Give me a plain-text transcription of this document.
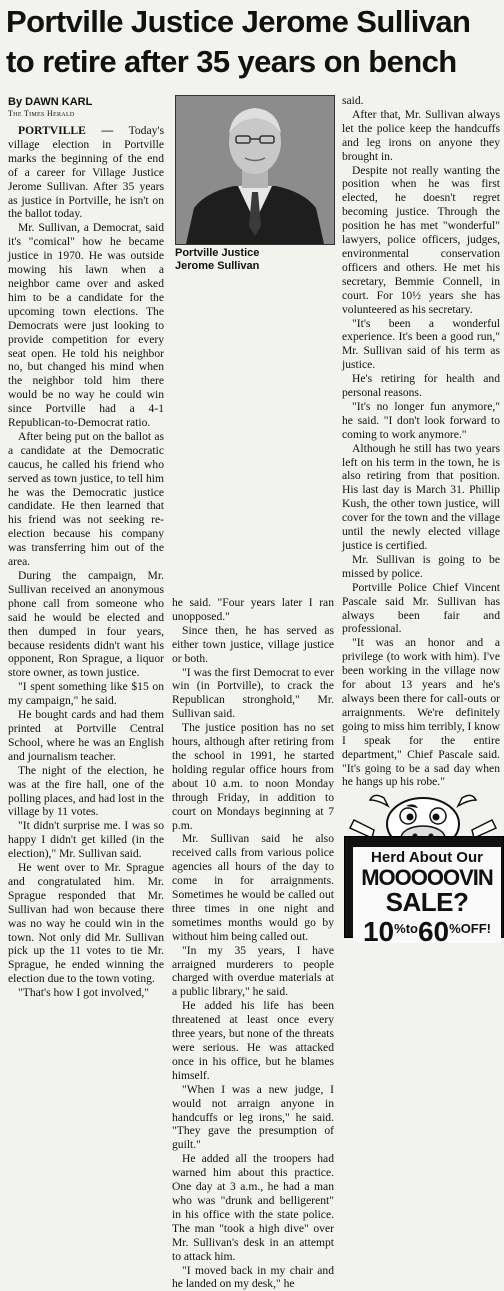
Portville Justice Jerome Sullivan to retire after 35 years on bench
By DAWN KARL
The Times Herald

PORTVILLE — Today's village election in Portville marks the beginning of the end of a career for Village Justice Jerome Sullivan. After 35 years as justice in Portville, he isn't on the ballot today.

Mr. Sullivan, a Democrat, said it's "comical" how he became justice in 1970. He was outside mowing his lawn when a neighbor came over and asked him to be a candidate for the upcoming town elections. The Democrats were just looking to provide competition for every seat open. He told his neighbor no, but changed his mind when the neighbor told him there would be no way he could win since Portville had a 4-1 Republican-to-Democrat ratio.

After being put on the ballot as a candidate at the Democratic caucus, he called his friend who served as town justice, to tell him he was the Democratic justice candidate. He then learned that his friend was not seeking re-election because his company was transferring him out of the area.

During the campaign, Mr. Sullivan received an anonymous phone call from someone who said he would be elected and then dumped in four years, because residents didn't want his opponent, Ron Sprague, a liquor store owner, as town justice.

"I spent something like $15 on my campaign," he said.

He bought cards and had them printed at Portville Central School, where he was an English and journalism teacher.

The night of the election, he was at the fire hall, one of the polling places, and had lost in the village by 11 votes.

"It didn't surprise me. I was so happy I didn't get killed (in the election)," Mr. Sullivan said.

He went over to Mr. Sprague and congratulated him. Mr. Sprague responded that Mr. Sullivan had won because there was no way he could win in the town. Not only did Mr. Sullivan pick up the 11 votes to tie Mr. Sprague, he ended winning the election due to the town voting.

"That's how I got involved,"

Portville Justice
Jerome Sullivan

he said. "Four years later I ran unopposed."

Since then, he has served as either town justice, village justice or both.

"I was the first Democrat to ever win (in Portville), to crack the Republican stronghold," Mr. Sullivan said.

The justice position has no set hours, although after retiring from the school in 1991, he started holding regular office hours from about 10 a.m. to noon Monday through Friday, in addition to court on Mondays beginning at 7 p.m.

Mr. Sullivan said he also received calls from various police agencies all hours of the day to come in for arraignments. Sometimes he would be called out three times in one night and sometimes months would go by without him being called out.

"In my 35 years, I have arraigned murderers to people charged with overdue materials at a public library," he said.

He added his life has been threatened at least once every three years, but none of the threats were serious. He was attacked once in his office, but he blames himself.

"When I was a new judge, I would not arraign anyone in handcuffs or leg irons," he said. "They gave the presumption of guilt."

He added all the troopers had warned him about this practice. One day at 3 a.m., he had a man who was "drunk and belligerent" in his office with the state police. The man "took a high dive" over Mr. Sullivan's desk in an attempt to attack him.

"I moved back in my chair and he landed on my desk," he

said.

After that, Mr. Sullivan always let the police keep the handcuffs and leg irons on anyone they brought in.

Despite not really wanting the position when he was first elected, he doesn't regret becoming justice. Through the position he has met "wonderful" lawyers, police officers, judges, environmental conservation officers and others. He met his secretary, Bemmie Connell, in court. For 10½ years she has volunteered as his secretary.

"It's been a wonderful experience. It's been a good run," Mr. Sullivan said of his term as justice.

He's retiring for health and personal reasons.

"It's no longer fun anymore," he said. "I don't look forward to coming to work anymore."

Although he still has two years left on his term in the town, he is also retiring from that position. His last day is March 31. Phillip Kush, the other town justice, will cover for the town and the village until the newly elected village justice is certified.

Mr. Sullivan is going to be missed by police.

Portville Police Chief Vincent Pascale said Mr. Sullivan has always been fair and professional.

"It was an honor and a privilege (to work with him). I've been working in the village now for about 13 years and he's always been there for call-outs or arraignments. We're definitely going to miss him terribly, I know I speak for the entire department," Chief Pascale said. "It's going to be a sad day when he hangs up his robe."

Herd About Our
MOOOOOVIN
SALE?
$10^{\%to}60^{\%OFF!}$
